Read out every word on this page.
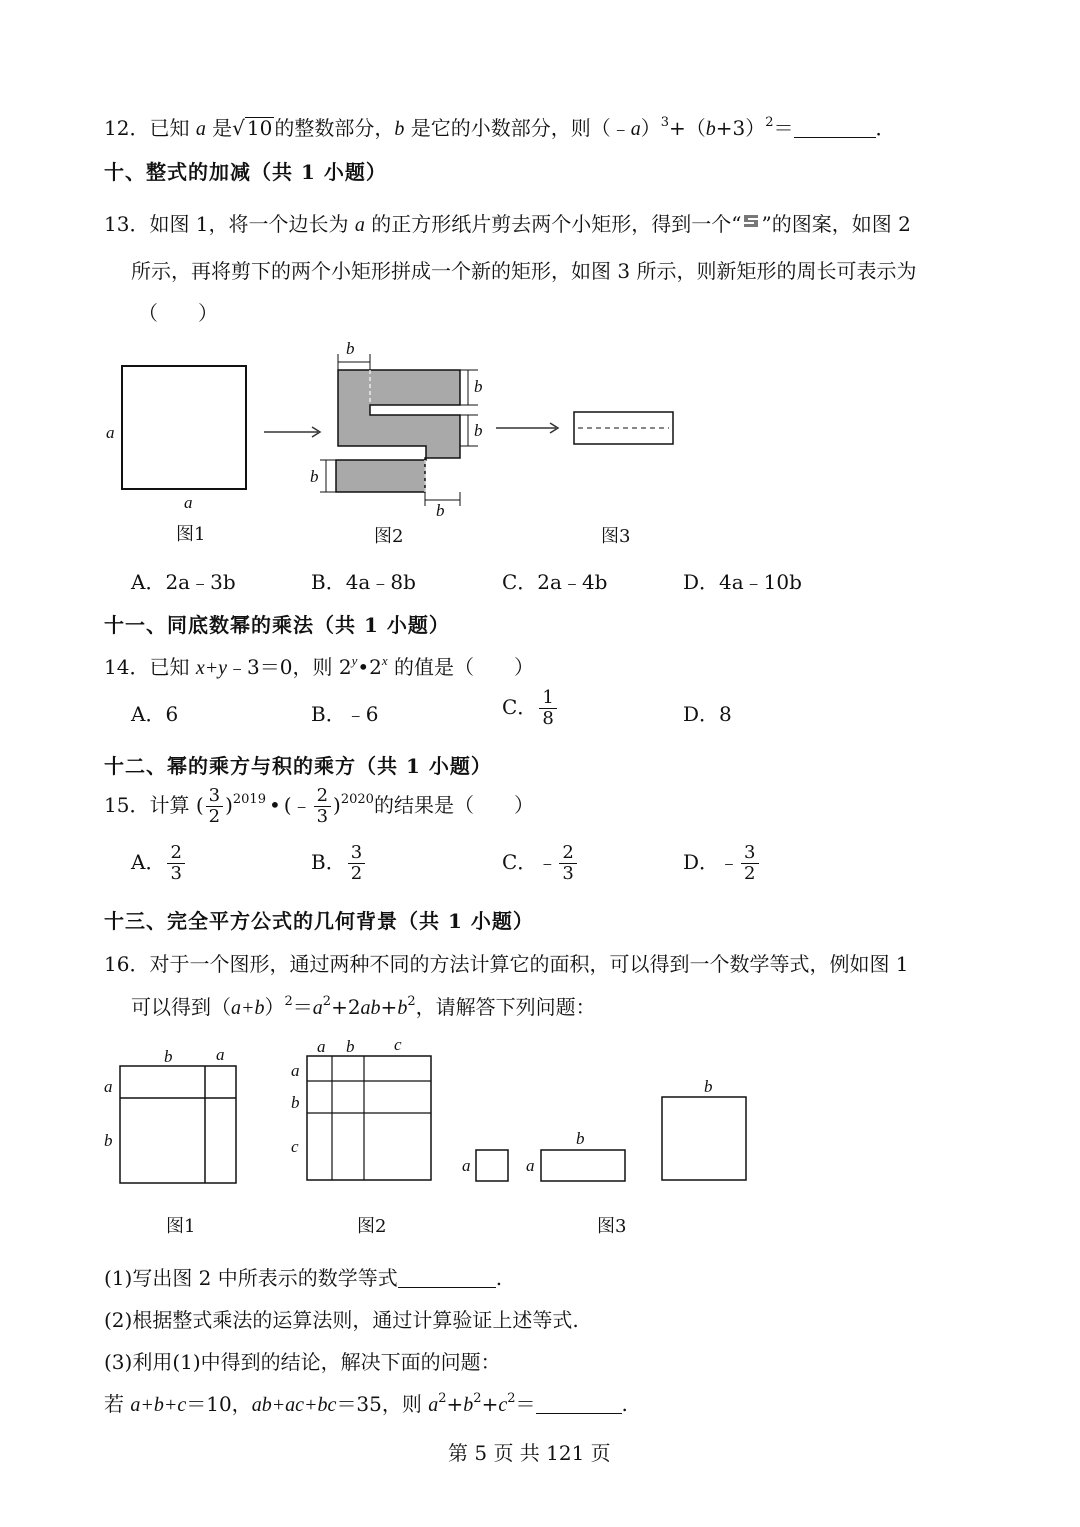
12．已知 a 是√ 10 的整数部分，b 是它的小数部分，则$(﹣a)^3+(b+3)^2=$	．
十、整式的加减（共 1 小题）
13．如图 1，将一个边长为 a 的正方形纸片剪去两个小矩形，得到一个“ ”的图案，如图 2
所示，再将剪下的两个小矩形拼成一个新的矩形，如图 3 所示，则新矩形的周长可表示为
（　　）
a
a
b
b
b
b
b
图1	图2	图3
A．2a﹣3b	B．4a﹣8b	C．2a﹣4b	D．4a﹣10b
十一、同底数幂的乘法（共 1 小题）
14．已知 x+y﹣3＝0，则 2$^y$•2$^x$ 的值是（　　）
A．6	B．﹣6	C． $\frac{1}{8}$	D．8
十二、幂的乘方与积的乘方（共 1 小题）
15．计算 ( $\frac{3}{2} )^{2019}$ • (﹣ $\frac{2}{3} )^{2020}$的结果是（　　）
A． $\frac{2}{3}$	B． $\frac{3}{2}$	C．﹣ $\frac{2}{3}$	D．﹣ $\frac{3}{2}$
十三、完全平方公式的几何背景（共 1 小题）
16．对于一个图形，通过两种不同的方法计算它的面积，可以得到一个数学等式，例如图 1
可以得到$(a+b)^2=a^2+2ab+b^2$，请解答下列问题：
b	a
a
b
a b c
a
b
c
a	a
b
b
图1	图2	图3
(1)写出图 2 中所表示的数学等式	.
(2)根据整式乘法的运算法则，通过计算验证上述等式.
(3)利用(1)中得到的结论，解决下面的问题：
若 a+b+c＝10，ab+ac+bc＝35，则 $a^2+b^2+c^2=$	.
第 5 页 共 121 页
